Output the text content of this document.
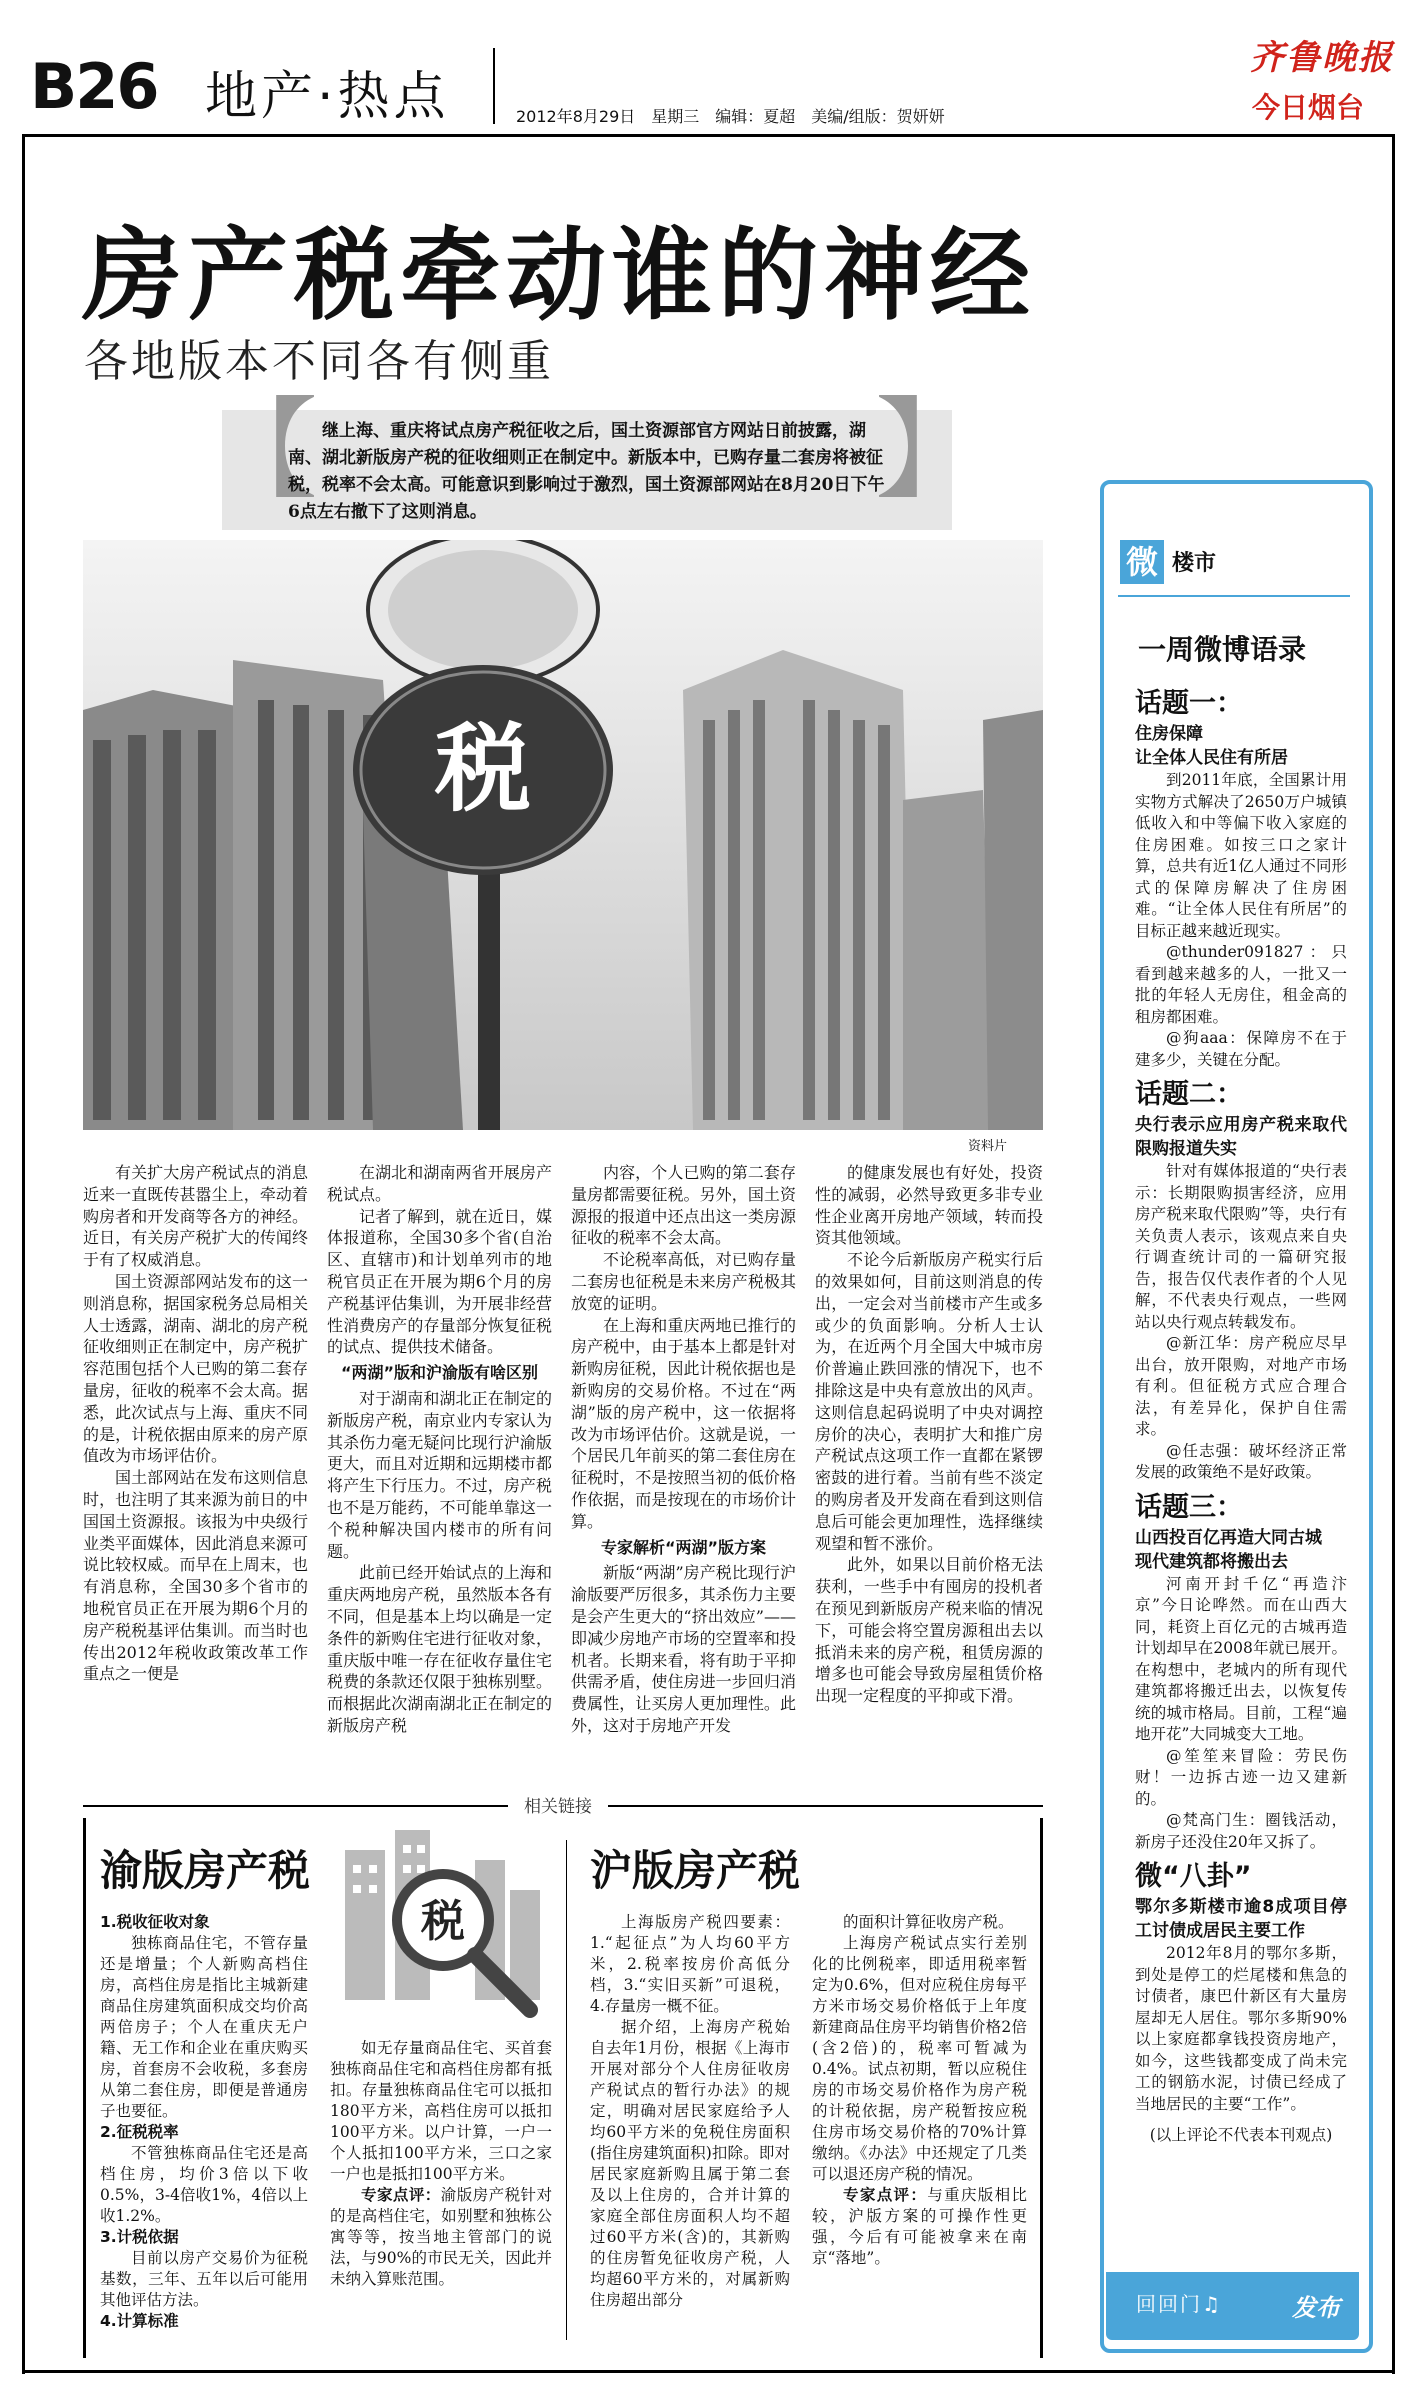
B26 地产·热点	2012年8月29日　星期三　编辑：夏超　美编/组版：贺妍妍
齐鲁晚报
今日烟台
房产税牵动谁的神经
各地版本不同各有侧重
【	】
继上海、重庆将试点房产税征收之后，国土资源部官方网站日前披露，湖南、湖北新版房产税的征收细则正在制定中。新版本中，已购存量二套房将被征税，税率不会太高。可能意识到影响过于激烈，国土资源部网站在8月20日下午6点左右撤下了这则消息。
税
资料片

有关扩大房产税试点的消息近来一直既传甚嚣尘上，牵动着购房者和开发商等各方的神经。近日，有关房产税扩大的传闻终于有了权威消息。

国土资源部网站发布的这一则消息称，据国家税务总局相关人士透露，湖南、湖北的房产税征收细则正在制定中，房产税扩容范围包括个人已购的第二套存量房，征收的税率不会太高。据悉，此次试点与上海、重庆不同的是，计税依据由原来的房产原值改为市场评估价。

国土部网站在发布这则信息时，也注明了其来源为前日的中国国土资源报。该报为中央级行业类平面媒体，因此消息来源可说比较权威。而早在上周末，也有消息称，全国30多个省市的地税官员正在开展为期6个月的房产税税基评估集训。而当时也传出2012年税收政策改革工作重点之一便是

在湖北和湖南两省开展房产税试点。

记者了解到，就在近日，媒体报道称，全国30多个省(自治区、直辖市)和计划单列市的地税官员正在开展为期6个月的房产税基评估集训，为开展非经营性消费房产的存量部分恢复征税的试点、提供技术储备。

“两湖”版和沪渝版有啥区别

对于湖南和湖北正在制定的新版房产税，南京业内专家认为其杀伤力毫无疑问比现行沪渝版更大，而且对近期和远期楼市都将产生下行压力。不过，房产税也不是万能药，不可能单靠这一个税种解决国内楼市的所有问题。

此前已经开始试点的上海和重庆两地房产税，虽然版本各有不同，但是基本上均以确是一定条件的新购住宅进行征收对象，重庆版中唯一存在征收存量住宅税费的条款还仅限于独栋别墅。而根据此次湖南湖北正在制定的新版房产税

内容，个人已购的第二套存量房都需要征税。另外，国土资源报的报道中还点出这一类房源征收的税率不会太高。

不论税率高低，对已购存量二套房也征税是未来房产税极其放宽的证明。

在上海和重庆两地已推行的房产税中，由于基本上都是针对新购房征税，因此计税依据也是新购房的交易价格。不过在“两湖”版的房产税中，这一依据将改为市场评估价。这就是说，一个居民几年前买的第二套住房在征税时，不是按照当初的低价格作依据，而是按现在的市场价计算。

专家解析“两湖”版方案

新版“两湖”房产税比现行沪渝版要严厉很多，其杀伤力主要是会产生更大的“挤出效应”——即减少房地产市场的空置率和投机者。长期来看，将有助于平抑供需矛盾，使住房进一步回归消费属性，让买房人更加理性。此外，这对于房地产开发

的健康发展也有好处，投资性的减弱，必然导致更多非专业性企业离开房地产领域，转而投资其他领域。

不论今后新版房产税实行后的效果如何，目前这则消息的传出，一定会对当前楼市产生或多或少的负面影响。分析人士认为，在近两个月全国大中城市房价普遍止跌回涨的情况下，也不排除这是中央有意放出的风声。这则信息起码说明了中央对调控房价的决心，表明扩大和推广房产税试点这项工作一直都在紧锣密鼓的进行着。当前有些不淡定的购房者及开发商在看到这则信息后可能会更加理性，选择继续观望和暂不涨价。

此外，如果以目前价格无法获利，一些手中有囤房的投机者在预见到新版房产税来临的情况下，可能会将空置房源租出去以抵消未来的房产税，租赁房源的增多也可能会导致房屋租赁价格出现一定程度的平抑或下滑。

相关链接
渝版房产税
税

1.税收征收对象

独栋商品住宅，不管存量还是增量；个人新购高档住房，高档住房是指比主城新建商品住房建筑面积成交均价高两倍房子；个人在重庆无户籍、无工作和企业在重庆购买房，首套房不会收税，多套房从第二套住房，即便是普通房子也要征。

2.征税税率

不管独栋商品住宅还是高档住房，均价3倍以下收0.5%，3-4倍收1%，4倍以上收1.2%。

3.计税依据

目前以房产交易价为征税基数，三年、五年以后可能用其他评估方法。

4.计算标准

如无存量商品住宅、买首套独栋商品住宅和高档住房都有抵扣。存量独栋商品住宅可以抵扣180平方米，高档住房可以抵扣100平方米。以户计算，一户一个人抵扣100平方米，三口之家一户也是抵扣100平方米。

专家点评：渝版房产税针对的是高档住宅，如别墅和独栋公寓等等，按当地主管部门的说法，与90%的市民无关，因此并未纳入算账范围。

沪版房产税

上海版房产税四要素：1.“起征点”为人均60平方米，2.税率按房价高低分档，3.“实旧买新”可退税，4.存量房一概不征。

据介绍，上海房产税始自去年1月份，根据《上海市开展对部分个人住房征收房产税试点的暂行办法》的规定，明确对居民家庭给予人均60平方米的免税住房面积(指住房建筑面积)扣除。即对居民家庭新购且属于第二套及以上住房的，合并计算的家庭全部住房面积人均不超过60平方米(含)的，其新购的住房暂免征收房产税，人均超60平方米的，对属新购住房超出部分

的面积计算征收房产税。

上海房产税试点实行差别化的比例税率，即适用税率暂定为0.6%，但对应税住房每平方米市场交易价格低于上年度新建商品住房平均销售价格2倍(含2倍)的，税率可暂减为0.4%。试点初期，暂以应税住房的市场交易价格作为房产税的计税依据，房产税暂按应税住房市场交易价格的70%计算缴纳。《办法》中还规定了几类可以退还房产税的情况。

专家点评：与重庆版相比较，沪版方案的可操作性更强，今后有可能被拿来在南京“落地”。

微 楼市
一周微博语录
话题一：
住房保障
让全体人民住有所居

到2011年底，全国累计用实物方式解决了2650万户城镇低收入和中等偏下收入家庭的住房困难。如按三口之家计算，总共有近1亿人通过不同形式的保障房解决了住房困难。“让全体人民住有所居”的目标正越来越近现实。

@thunder091827：只看到越来越多的人，一批又一批的年轻人无房住，租金高的租房都困难。

@狗aaa：保障房不在于建多少，关键在分配。

话题二：
央行表示应用房产税来取代限购报道失实

针对有媒体报道的“央行表示：长期限购损害经济，应用房产税来取代限购”等，央行有关负责人表示，该观点来自央行调查统计司的一篇研究报告，报告仅代表作者的个人见解，不代表央行观点，一些网站以央行观点转载发布。

@新江华：房产税应尽早出台，放开限购，对地产市场有利。但征税方式应合理合法，有差异化，保护自住需求。

@任志强：破坏经济正常发展的政策绝不是好政策。

话题三：
山西投百亿再造大同古城
现代建筑都将搬出去

河南开封千亿“再造汴京”今日论哗然。而在山西大同，耗资上百亿元的古城再造计划却早在2008年就已展开。在构想中，老城内的所有现代建筑都将搬迁出去，以恢复传统的城市格局。目前，工程“遍地开花”大同城变大工地。

@笙笙来冒险：劳民伤财！一边拆古迹一边又建新的。

@梵高门生：圈钱活动，新房子还没住20年又拆了。

微“八卦”
鄂尔多斯楼市逾8成项目停工讨债成居民主要工作

2012年8月的鄂尔多斯，到处是停工的烂尾楼和焦急的讨债者，康巴什新区有大量房屋却无人居住。鄂尔多斯90%以上家庭都拿钱投资房地产，如今，这些钱都变成了尚未完工的钢筋水泥，讨债已经成了当地居民的主要“工作”。

(以上评论不代表本刊观点)

回回门♫	发布
